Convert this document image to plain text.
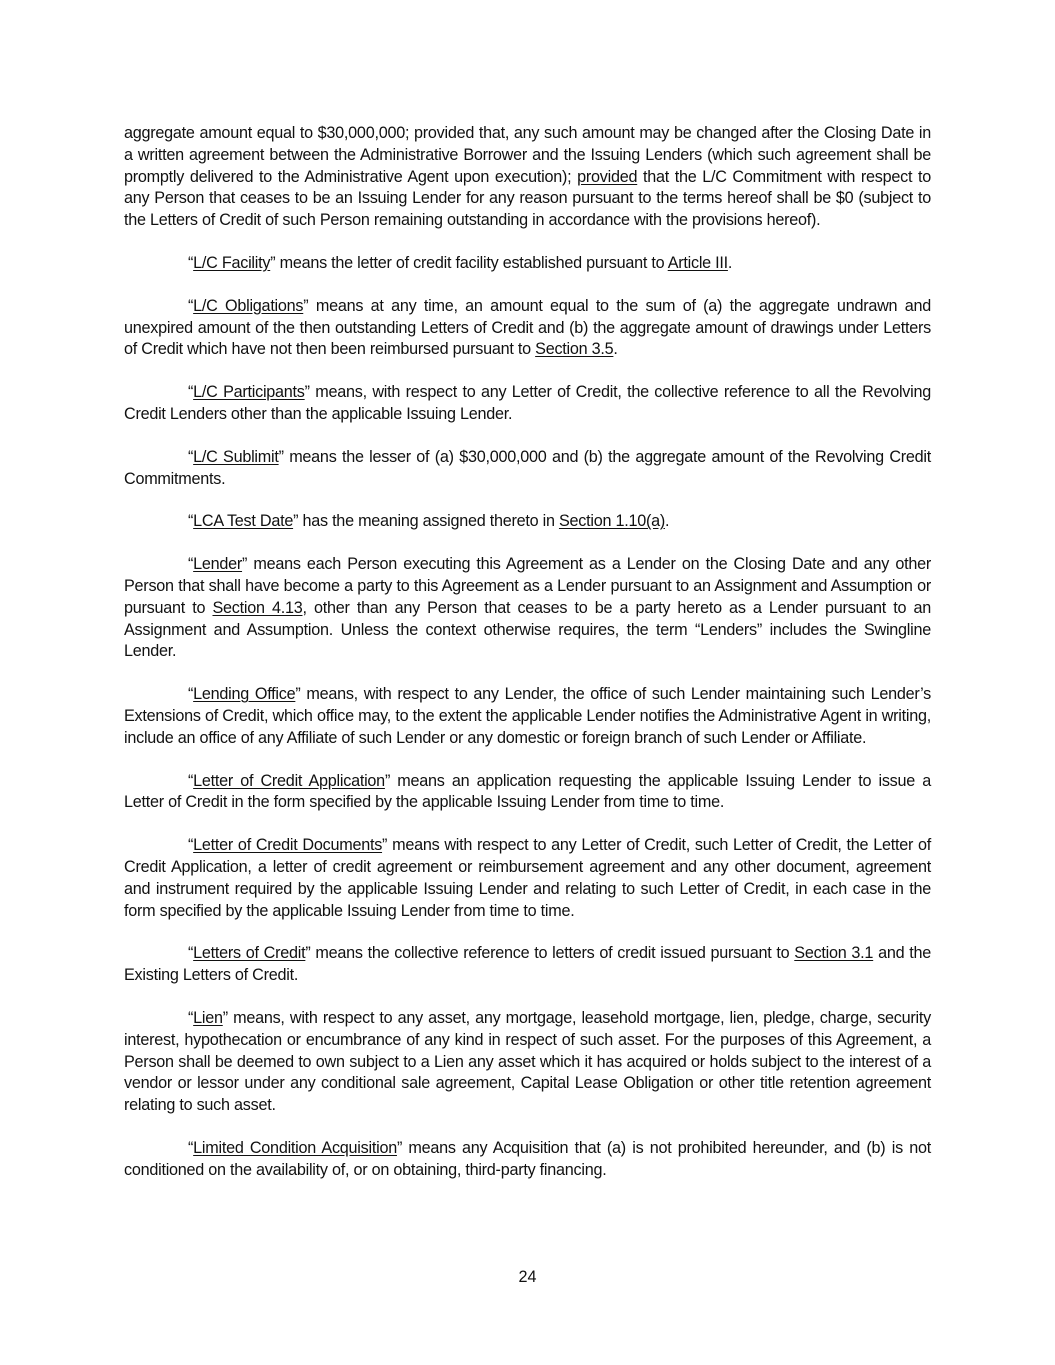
aggregate amount equal to $30,000,000; provided that, any such amount may be changed after the Closing Date in a written agreement between the Administrative Borrower and the Issuing Lenders (which such agreement shall be promptly delivered to the Administrative Agent upon execution); provided that the L/C Commitment with respect to any Person that ceases to be an Issuing Lender for any reason pursuant to the terms hereof shall be $0 (subject to the Letters of Credit of such Person remaining outstanding in accordance with the provisions hereof).

“L/C Facility” means the letter of credit facility established pursuant to Article III.

“L/C Obligations” means at any time, an amount equal to the sum of (a) the aggregate undrawn and unexpired amount of the then outstanding Letters of Credit and (b) the aggregate amount of drawings under Letters of Credit which have not then been reimbursed pursuant to Section 3.5.

“L/C Participants” means, with respect to any Letter of Credit, the collective reference to all the Revolving Credit Lenders other than the applicable Issuing Lender.

“L/C Sublimit” means the lesser of (a) $30,000,000 and (b) the aggregate amount of the Revolving Credit Commitments.

“LCA Test Date” has the meaning assigned thereto in Section 1.10(a).

“Lender” means each Person executing this Agreement as a Lender on the Closing Date and any other Person that shall have become a party to this Agreement as a Lender pursuant to an Assignment and Assumption or pursuant to Section 4.13, other than any Person that ceases to be a party hereto as a Lender pursuant to an Assignment and Assumption. Unless the context otherwise requires, the term “Lenders” includes the Swingline Lender.

“Lending Office” means, with respect to any Lender, the office of such Lender maintaining such Lender’s Extensions of Credit, which office may, to the extent the applicable Lender notifies the Administrative Agent in writing, include an office of any Affiliate of such Lender or any domestic or foreign branch of such Lender or Affiliate.

“Letter of Credit Application” means an application requesting the applicable Issuing Lender to issue a Letter of Credit in the form specified by the applicable Issuing Lender from time to time.

“Letter of Credit Documents” means with respect to any Letter of Credit, such Letter of Credit, the Letter of Credit Application, a letter of credit agreement or reimbursement agreement and any other document, agreement and instrument required by the applicable Issuing Lender and relating to such Letter of Credit, in each case in the form specified by the applicable Issuing Lender from time to time.

“Letters of Credit” means the collective reference to letters of credit issued pursuant to Section 3.1 and the Existing Letters of Credit.

“Lien” means, with respect to any asset, any mortgage, leasehold mortgage, lien, pledge, charge, security interest, hypothecation or encumbrance of any kind in respect of such asset. For the purposes of this Agreement, a Person shall be deemed to own subject to a Lien any asset which it has acquired or holds subject to the interest of a vendor or lessor under any conditional sale agreement, Capital Lease Obligation or other title retention agreement relating to such asset.

“Limited Condition Acquisition” means any Acquisition that (a) is not prohibited hereunder, and (b) is not conditioned on the availability of, or on obtaining, third-party financing.

24
